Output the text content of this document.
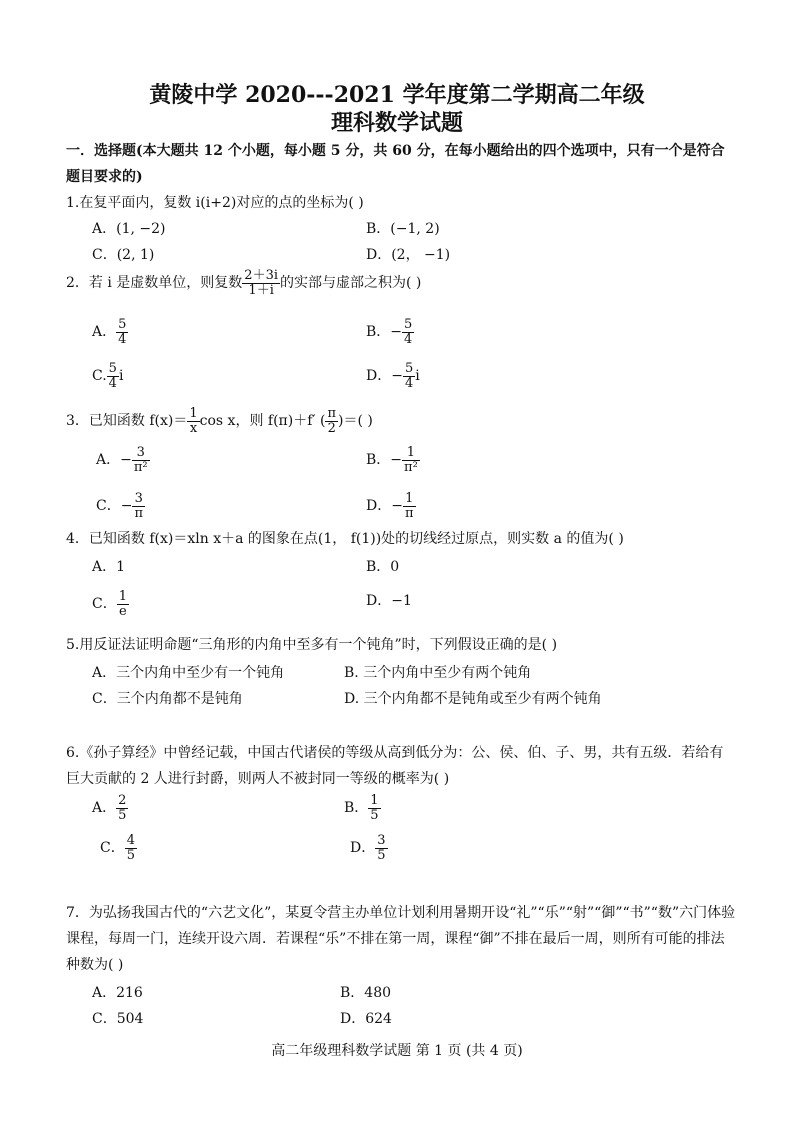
黄陵中学 2020---2021 学年度第二学期高二年级
理科数学试题
一．选择题(本大题共 12 个小题，每小题 5 分，共 60 分，在每小题给出的四个选项中，只有一个是符合题目要求的)
1.在复平面内，复数 i(i+2)对应的点的坐标为( )
A．(1, −2)	B．(−1, 2)
C．(2, 1)	D．(2， −1)
2．若 i 是虚数单位，则复数 $\frac{2+3i}{1+i}$ 的实部与虚部之积为( )
A． $\frac{5}{4}$	B．− $\frac{5}{4}$
C. $\frac{5}{4}$ i	D．− $\frac{5}{4}$ i
3．已知函数 $f(x)= \frac{1}{x}$ cos x，则 f(π)＋f′ ( $\frac{\pi}{2}$ )＝( )
A．− $\frac{3}{\text{π²}}$	B．− $\frac{1}{\text{π²}}$
C．− $\frac{3}{\pi}$	D．− $\frac{1}{\pi}$
4．已知函数 f(x)＝xln x＋a 的图象在点(1， f(1))处的切线经过原点，则实数 a 的值为( )
A．1	B．0
C． $\frac{1}{e}$	D．−1
5.用反证法证明命题“三角形的内角中至多有一个钝角”时，下列假设正确的是( )
A．三个内角中至少有一个钝角	B. 三个内角中至少有两个钝角
C．三个内角都不是钝角	D. 三个内角都不是钝角或至少有两个钝角
6.《孙子算经》中曾经记载，中国古代诸侯的等级从高到低分为：公、侯、伯、子、男，共有五级．若给有巨大贡献的 2 人进行封爵，则两人不被封同一等级的概率为( )
A． $\frac{2}{5}$	B． $\frac{1}{5}$
C． $\frac{4}{5}$	D． $\frac{3}{5}$
7．为弘扬我国古代的“六艺文化”，某夏令营主办单位计划利用暑期开设“礼”“乐”“射”“御”“书”“数”六门体验课程，每周一门，连续开设六周．若课程“乐”不排在第一周，课程“御”不排在最后一周，则所有可能的排法种数为( )
A．216	B．480
C．504	D．624
高二年级理科数学试题 第 1 页 (共 4 页)
